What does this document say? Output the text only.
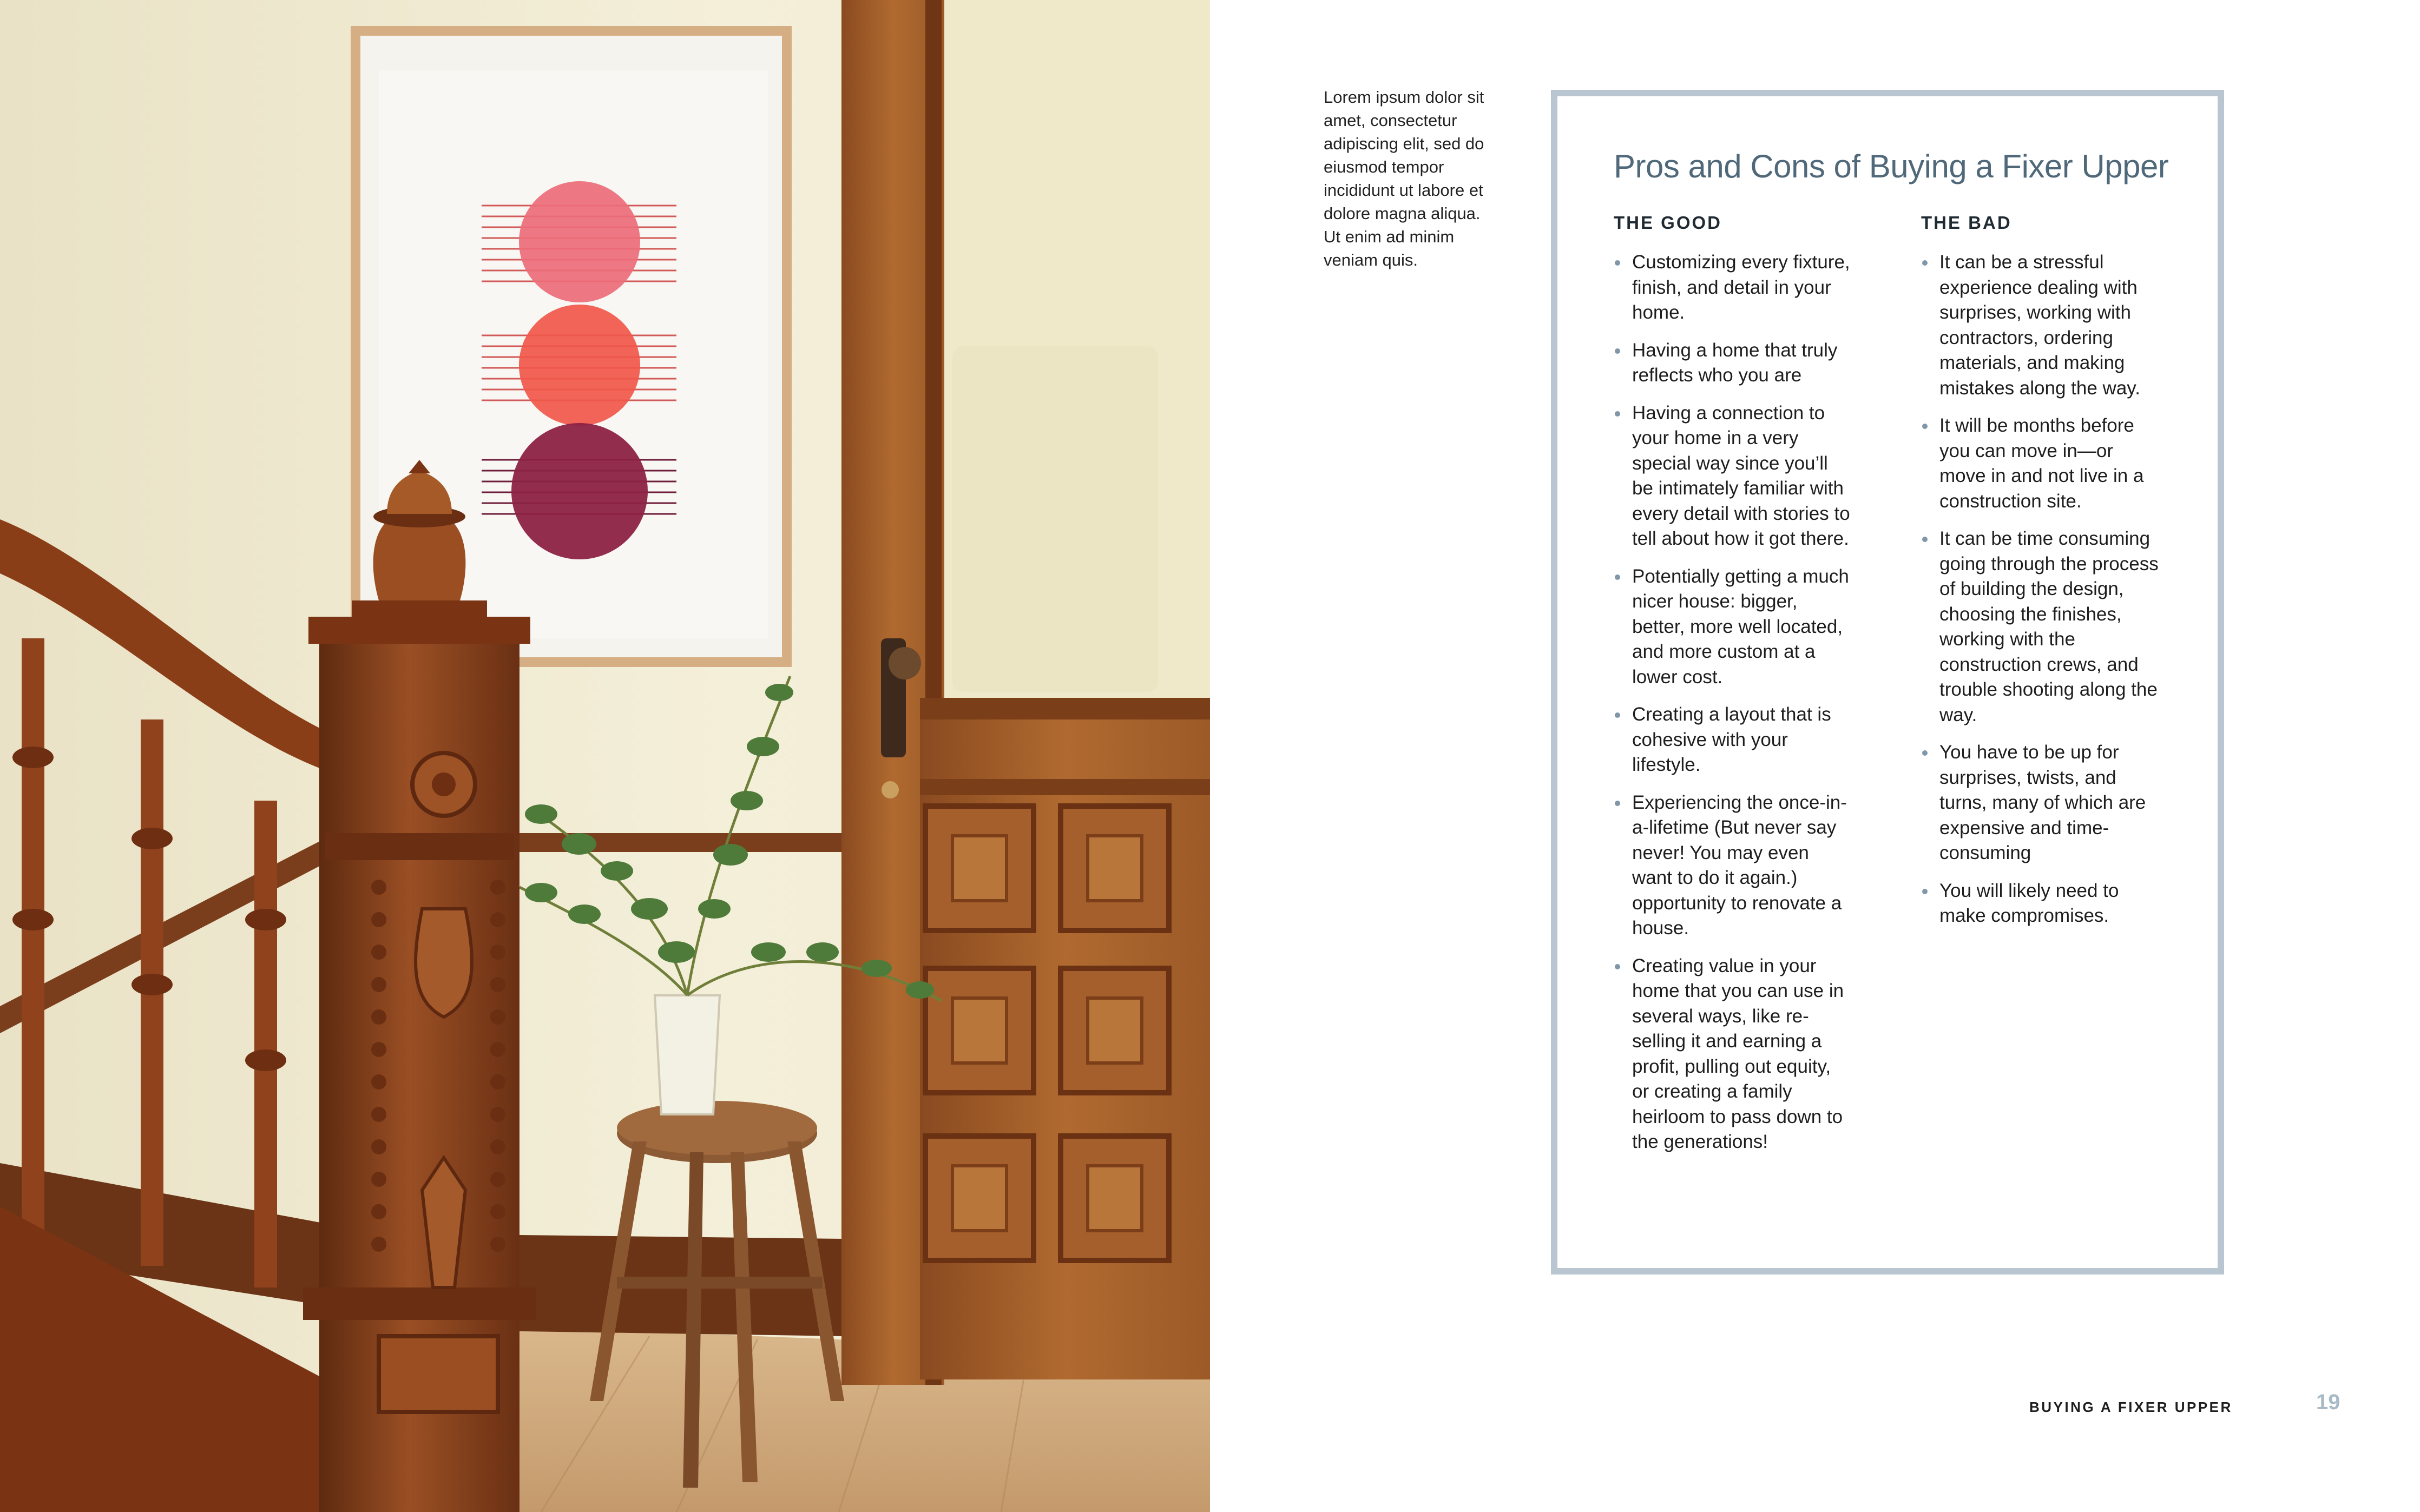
Lorem ipsum dolor sit amet, consectetur adipiscing elit, sed do eiusmod tempor incididunt ut labore et dolore magna aliqua. Ut enim ad minim veniam quis.
Pros and Cons of Buying a Fixer Upper
THE GOOD
Customizing every fixture, finish, and detail in your home.
Having a home that truly reflects who you are
Having a connection to your home in a very special way since you’ll be intimately familiar with every detail with stories to tell about how it got there.
Potentially getting a much nicer house: bigger, better, more well located, and more custom at a lower cost.
Creating a layout that is cohesive with your lifestyle.
Experiencing the once-in-a-lifetime (But never say never! You may even want to do it again.) opportunity to renovate a house.
Creating value in your home that you can use in several ways, like re-selling it and earning a profit, pulling out equity, or creating a family heirloom to pass down to the generations!
THE BAD
It can be a stressful experience dealing with surprises, working with contractors, ordering materials, and making mistakes along the way.
It will be months before you can move in—or move in and not live in a construction site.
It can be time consuming going through the process of building the design, choosing the finishes, working with the construction crews, and trouble shooting along the way.
You have to be up for surprises, twists, and turns, many of which are expensive and time-consuming
You will likely need to make compromises.
BUYING A FIXER UPPER	19
